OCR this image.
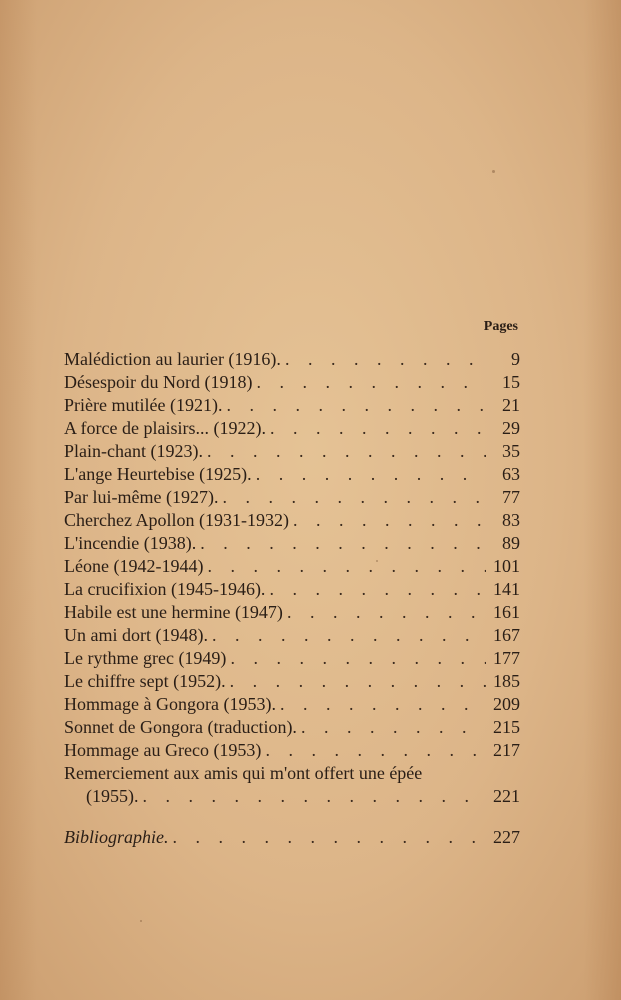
Pages
Malédiction au laurier (1916). . . .	9
Désespoir du Nord (1918) . . .	15
Prière mutilée (1921). . . .	21
A force de plaisirs... (1922). . . .	29
Plain-chant (1923). . . .	35
L'ange Heurtebise (1925). . . .	63
Par lui-même (1927). . . .	77
Cherchez Apollon (1931-1932) . . .	83
L'incendie (1938). . . .	89
Léone (1942-1944) . . .	101
La crucifixion (1945-1946). . . .	141
Habile est une hermine (1947) . . .	161
Un ami dort (1948). . . .	167
Le rythme grec (1949) . . .	177
Le chiffre sept (1952). . . .	185
Hommage à Gongora (1953). . . .	209
Sonnet de Gongora (traduction). . . .	215
Hommage au Greco (1953) . . .	217
Remerciement aux amis qui m'ont offert une épée
(1955). . . .	221
Bibliographie. . . .	227
